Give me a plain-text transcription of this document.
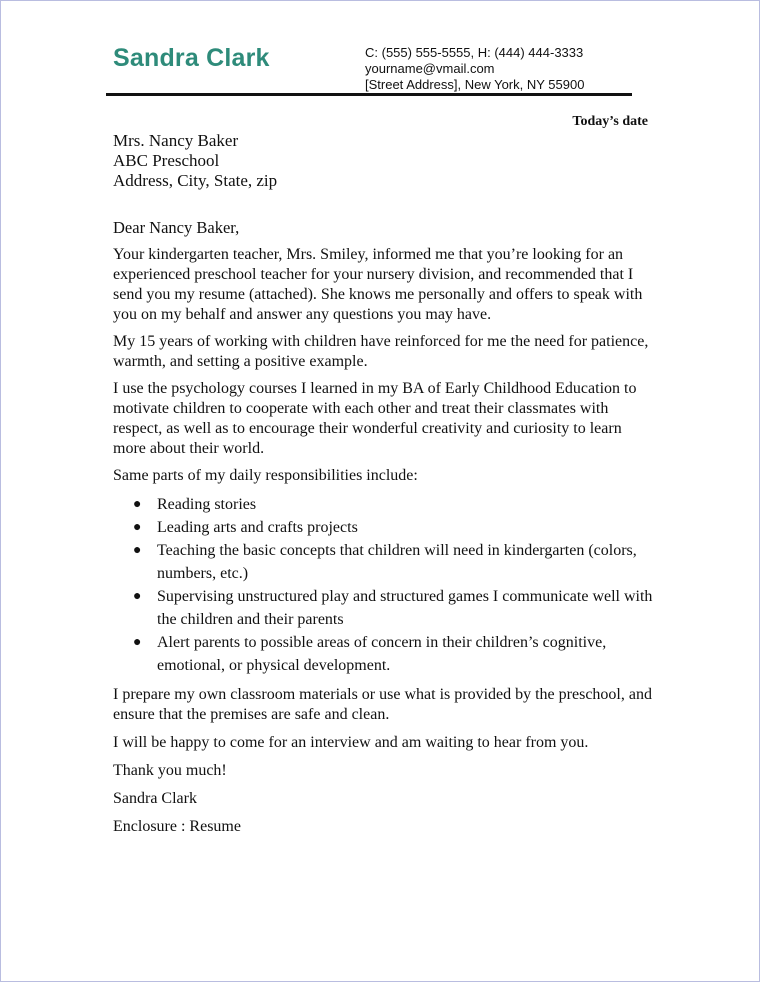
Sandra Clark	C: (555) 555-5555, H: (444) 444-3333
yourname@vmail.com
[Street Address], New York, NY 55900
Today’s date
Mrs. Nancy Baker
ABC Preschool
Address, City, State, zip

Dear Nancy Baker,

Your kindergarten teacher, Mrs. Smiley, informed me that you’re looking for an experienced preschool teacher for your nursery division, and recommended that I send you my resume (attached). She knows me personally and offers to speak with you on my behalf and answer any questions you may have.

My 15 years of working with children have reinforced for me the need for patience, warmth, and setting a positive example.

I use the psychology courses I learned in my BA of Early Childhood Education to motivate children to cooperate with each other and treat their classmates with respect, as well as to encourage their wonderful creativity and curiosity to learn more about their world.

Same parts of my daily responsibilities include:

● Reading stories
● Leading arts and crafts projects
● Teaching the basic concepts that children will need in kindergarten (colors, numbers, etc.)
● Supervising unstructured play and structured games I communicate well with the children and their parents
● Alert parents to possible areas of concern in their children’s cognitive, emotional, or physical development.

I prepare my own classroom materials or use what is provided by the preschool, and ensure that the premises are safe and clean.

I will be happy to come for an interview and am waiting to hear from you.

Thank you much!

Sandra Clark

Enclosure : Resume
